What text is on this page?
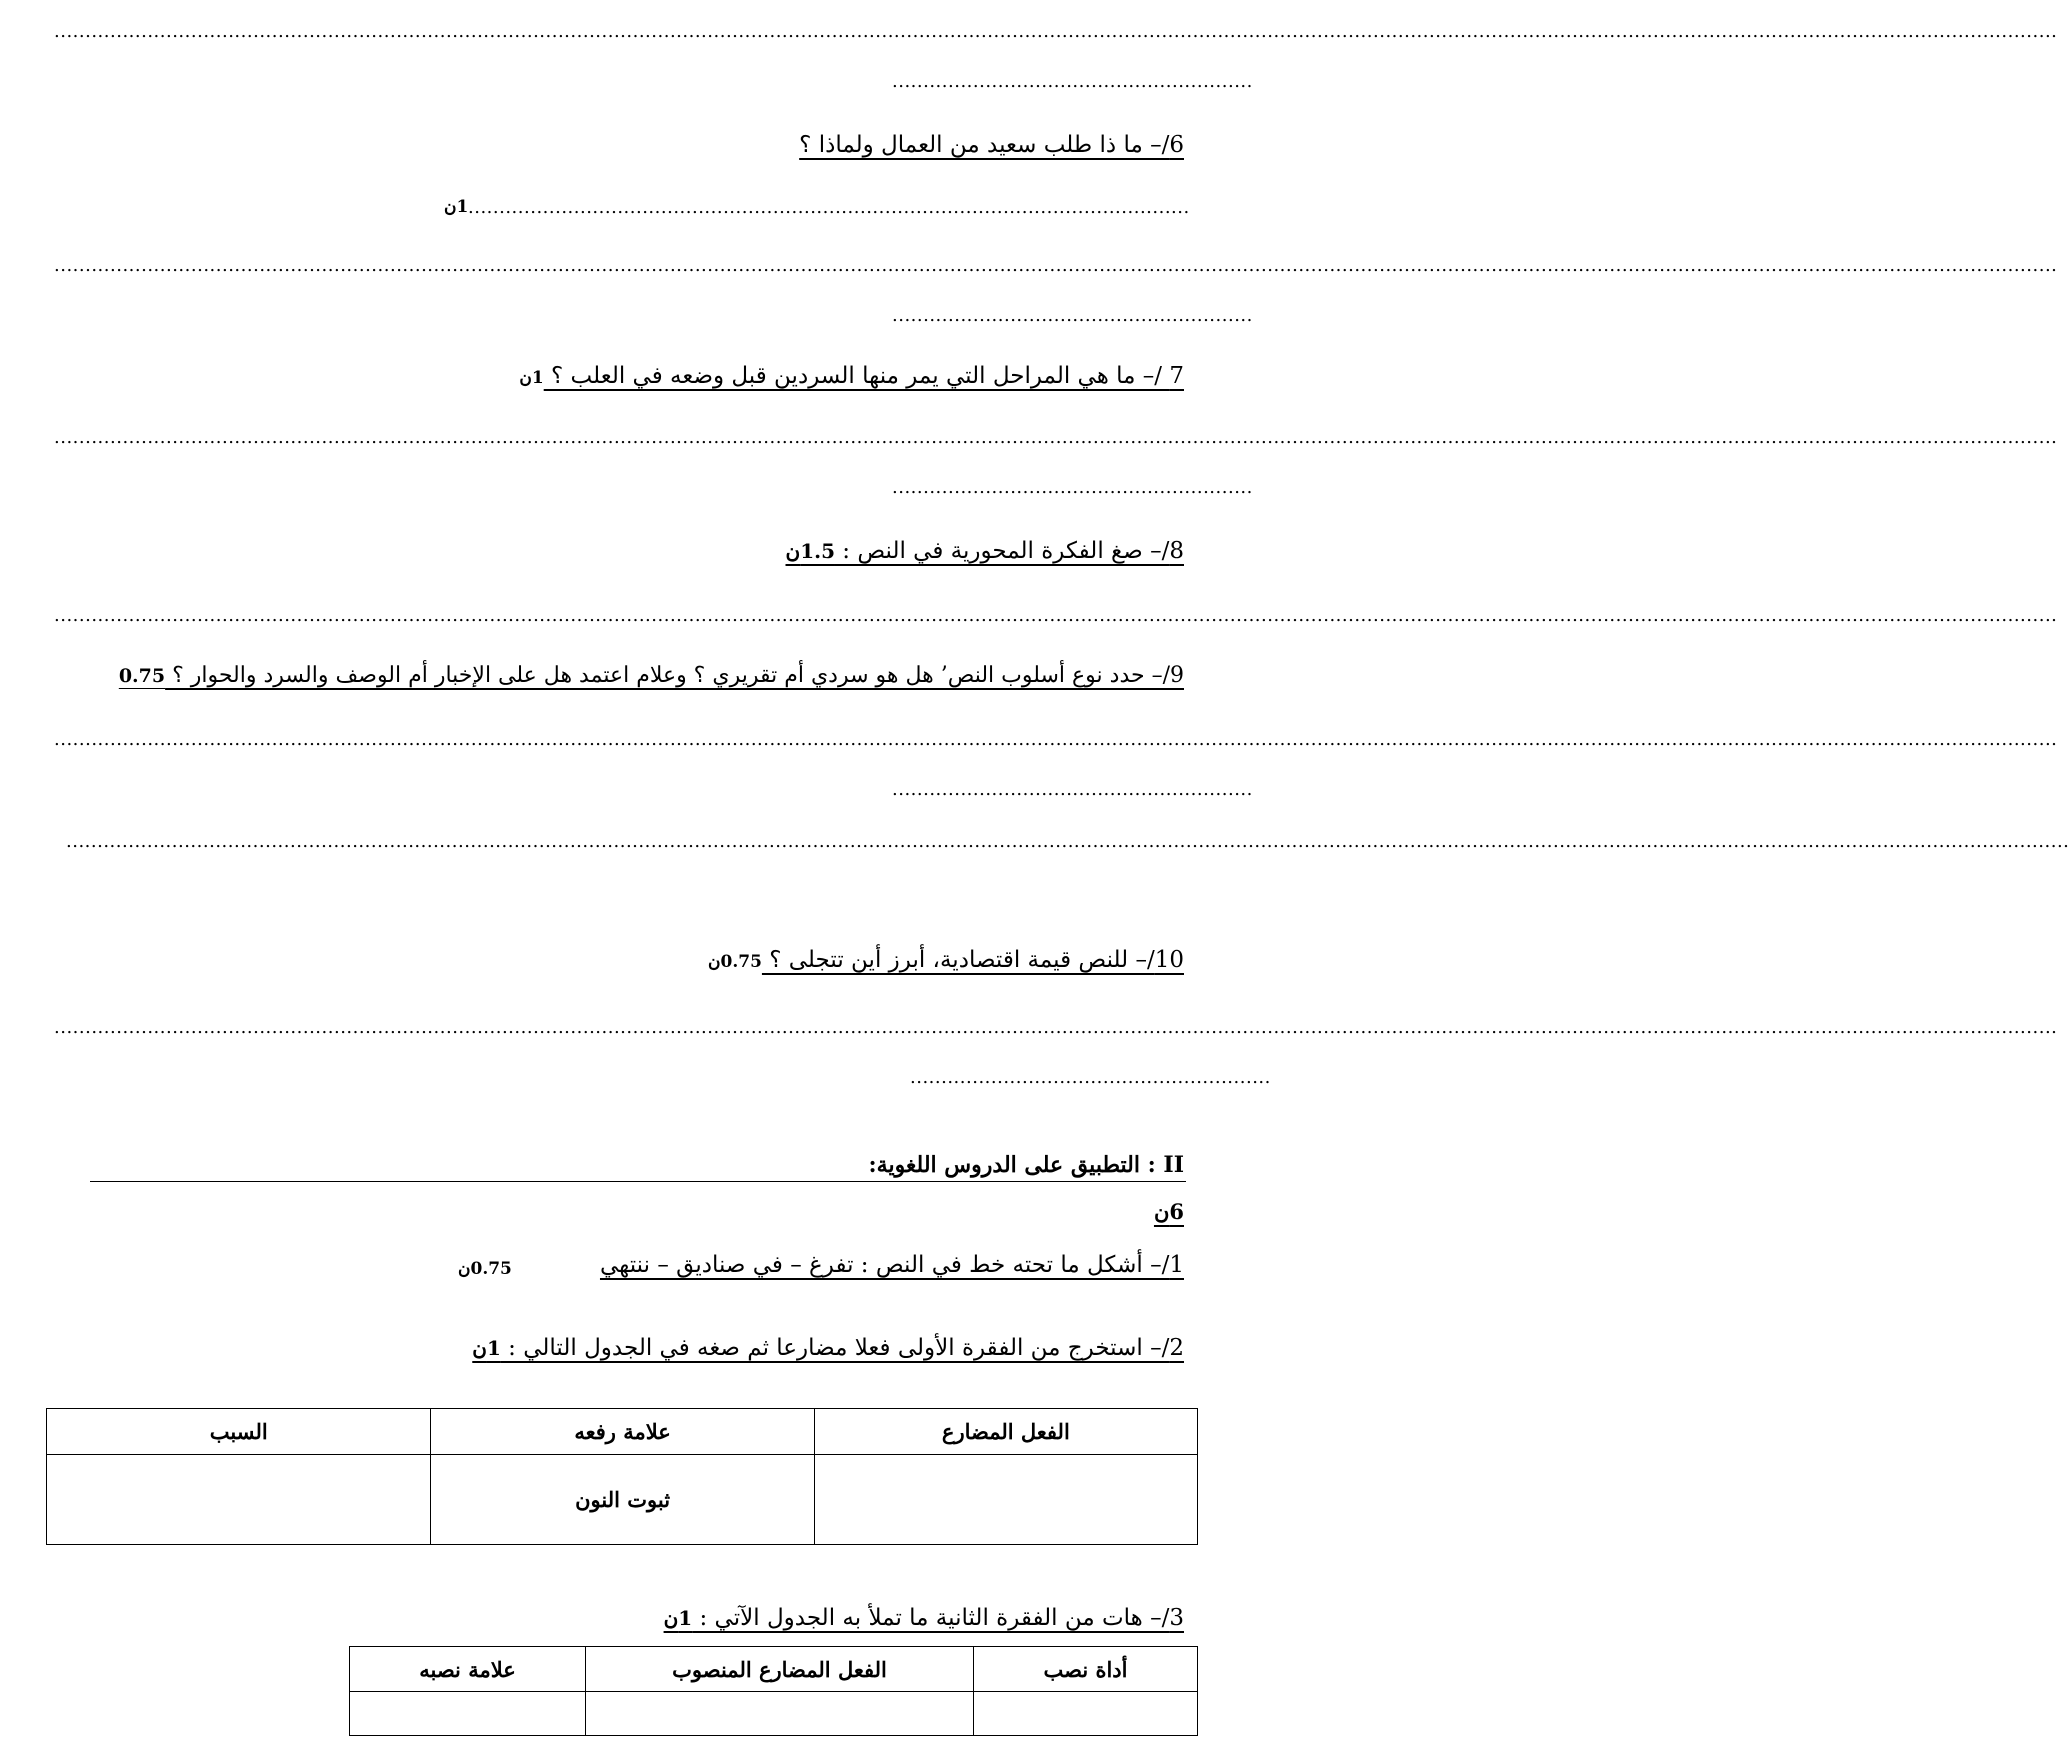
..................................................................................................................................................................................................................................................................................................................................
..........................................................
6/– ما ذا طلب سعيد من العمال ولماذا ؟
....................................................................................................................
1ن
..................................................................................................................................................................................................................................................................................................................................
..........................................................
7 /– ما هي المراحل التي يمر منها السردين قبل وضعه في العلب ؟ 1ن
..................................................................................................................................................................................................................................................................................................................................
..........................................................
8/– صغ الفكرة المحورية في النص : 1.5ن
..................................................................................................................................................................................................................................................................................................................................
9/– حدد نوع أسلوب النص’ هل هو سردي أم تقريري ؟ وعلام اعتمد هل على الإخبار أم الوصف والسرد والحوار ؟ 0.75
..................................................................................................................................................................................................................................................................................................................................
..........................................................
..................................................................................................................................................................................................................................................................................................................................
10/– للنص قيمة اقتصادية، أبرز أين تتجلى ؟ 0.75ن
..................................................................................................................................................................................................................................................................................................................................
..........................................................
II : التطبيق على الدروس اللغوية:
6ن
1/– أشكل ما تحته خط في النص : تفرغ – في صناديق – ننتهي
0.75ن
2/– استخرج من الفقرة الأولى فعلا مضارعا ثم صغه في الجدول التالي : 1ن
الفعل المضارع	علامة رفعه	السبب
	ثبوت النون	
3/– هات من الفقرة الثانية ما تملأ به الجدول الآتي : 1ن
أداة نصب	الفعل المضارع المنصوب	علامة نصبه
